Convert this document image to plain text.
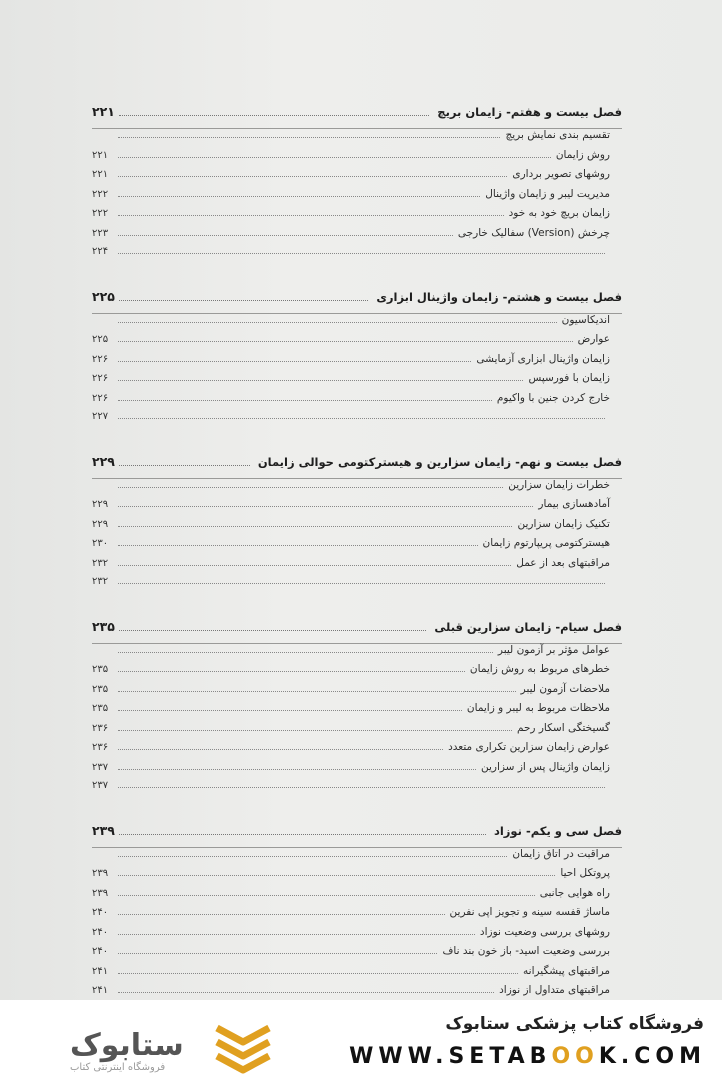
فصل بیست و هفتم- زایمان بریچ
۲۲۱
تقسیم بندی نمایش بریچ
روش زایمان
۲۲۱
روشهای تصویر برداری
۲۲۱
مدیریت لیبر و زایمان واژینال
۲۲۲
زایمان بریچ خود به خود
۲۲۲
چرخش (Version) سفالیک خارجی
۲۲۳
۲۲۴
فصل بیست و هشتم- زایمان واژینال ابزاری
۲۲۵
اندیکاسیون
عوارض
۲۲۵
زایمان واژینال ابزاری آزمایشی
۲۲۶
زایمان با فورسپس
۲۲۶
خارج کردن جنین با واکیوم
۲۲۶
۲۲۷
فصل بیست و نهم- زایمان سزارین و هیسترکتومی حوالی زایمان
۲۲۹
خطرات زایمان سزارین
آمادهسازی بیمار
۲۲۹
تکنیک زایمان سزارین
۲۲۹
هیسترکتومی پریپارتوم زایمان
۲۳۰
مراقبتهای بعد از عمل
۲۳۲
۲۳۲
فصل سیام- زایمان سزارین قبلی
۲۳۵
عوامل مؤثر بر آزمون لیبر
خطرهای مربوط به روش زایمان
۲۳۵
ملاحضات آزمون لیبر
۲۳۵
ملاحظات مربوط به لیبر و زایمان
۲۳۵
گسیختگی اسکار رحم
۲۳۶
عوارض زایمان سزارین تکراری متعدد
۲۳۶
زایمان واژینال پس از سزارین
۲۳۷
۲۳۷
فصل سی و یکم- نوزاد
۲۳۹
مراقبت در اتاق زایمان
پروتکل احیا
۲۳۹
راه هوایی جانبی
۲۳۹
ماساژ قفسه سینه و تجویز اپی نفرین
۲۴۰
روشهای بررسی وضعیت نوزاد
۲۴۰
بررسی وضعیت اسید- باز خون بند ناف
۲۴۰
مراقبتهای پیشگیرانه
۲۴۱
مراقبتهای متداول از نوزاد
۲۴۱
ستابوک
فروشگاه اینترنتی کتاب
فروشگاه کتاب پزشکی ستابوک
WWW.SETABOOK.COM
